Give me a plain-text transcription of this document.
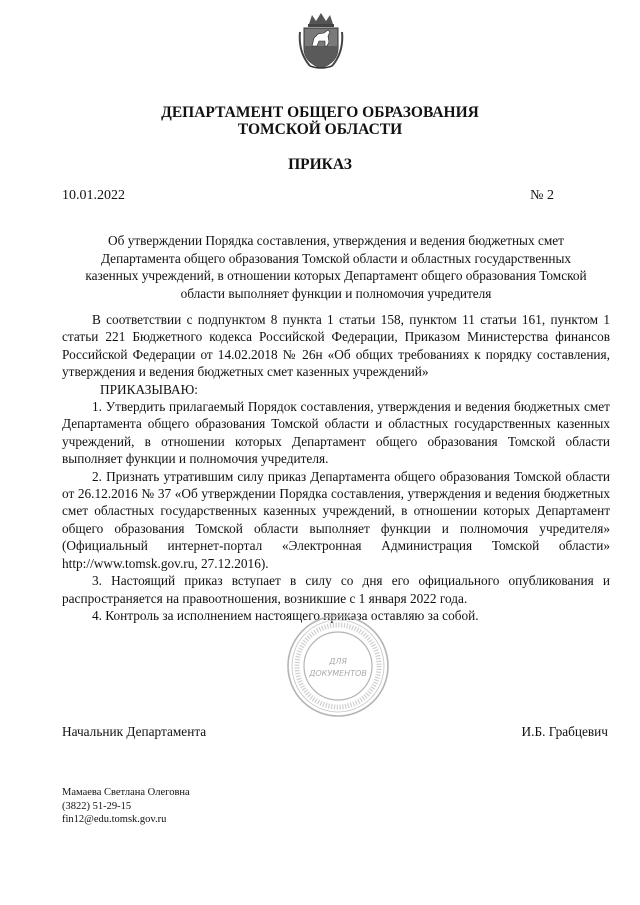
ДЕПАРТАМЕНТ ОБЩЕГО ОБРАЗОВАНИЯ
ТОМСКОЙ ОБЛАСТИ
ПРИКАЗ
10.01.2022	№ 2
Об утверждении Порядка составления, утверждения и ведения бюджетных смет
Департамента общего образования Томской области и областных государственных
казенных учреждений, в отношении которых Департамент общего образования Томской
области выполняет функции и полномочия учредителя

В соответствии с подпунктом 8 пункта 1 статьи 158, пунктом 11 статьи 161, пунктом 1 статьи 221 Бюджетного кодекса Российской Федерации, Приказом Министерства финансов Российской Федерации от 14.02.2018 № 26н «Об общих требованиях к порядку составления, утверждения и ведения бюджетных смет казенных учреждений»

ПРИКАЗЫВАЮ:

1. Утвердить прилагаемый Порядок составления, утверждения и ведения бюджетных смет Департамента общего образования Томской области и областных государственных казенных учреждений, в отношении которых Департамент общего образования Томской области выполняет функции и полномочия учредителя.

2. Признать утратившим силу приказ Департамента общего образования Томской области от 26.12.2016 № 37 «Об утверждении Порядка составления, утверждения и ведения бюджетных смет областных государственных казенных учреждений, в отношении которых Департамент общего образования Томской области выполняет функции и полномочия учредителя» (Официальный интернет-портал «Электронная Администрация Томской области» http://www.tomsk.gov.ru, 27.12.2016).

3. Настоящий приказ вступает в силу со дня его официального опубликования и распространяется на правоотношения, возникшие с 1 января 2022 года.

4. Контроль за исполнением настоящего приказа оставляю за собой.

ДЛЯ
ДОКУМЕНТОВ
Начальник Департамента	И.Б. Грабцевич
Мамаева Светлана Олеговна
(3822) 51-29-15
fin12@edu.tomsk.gov.ru
